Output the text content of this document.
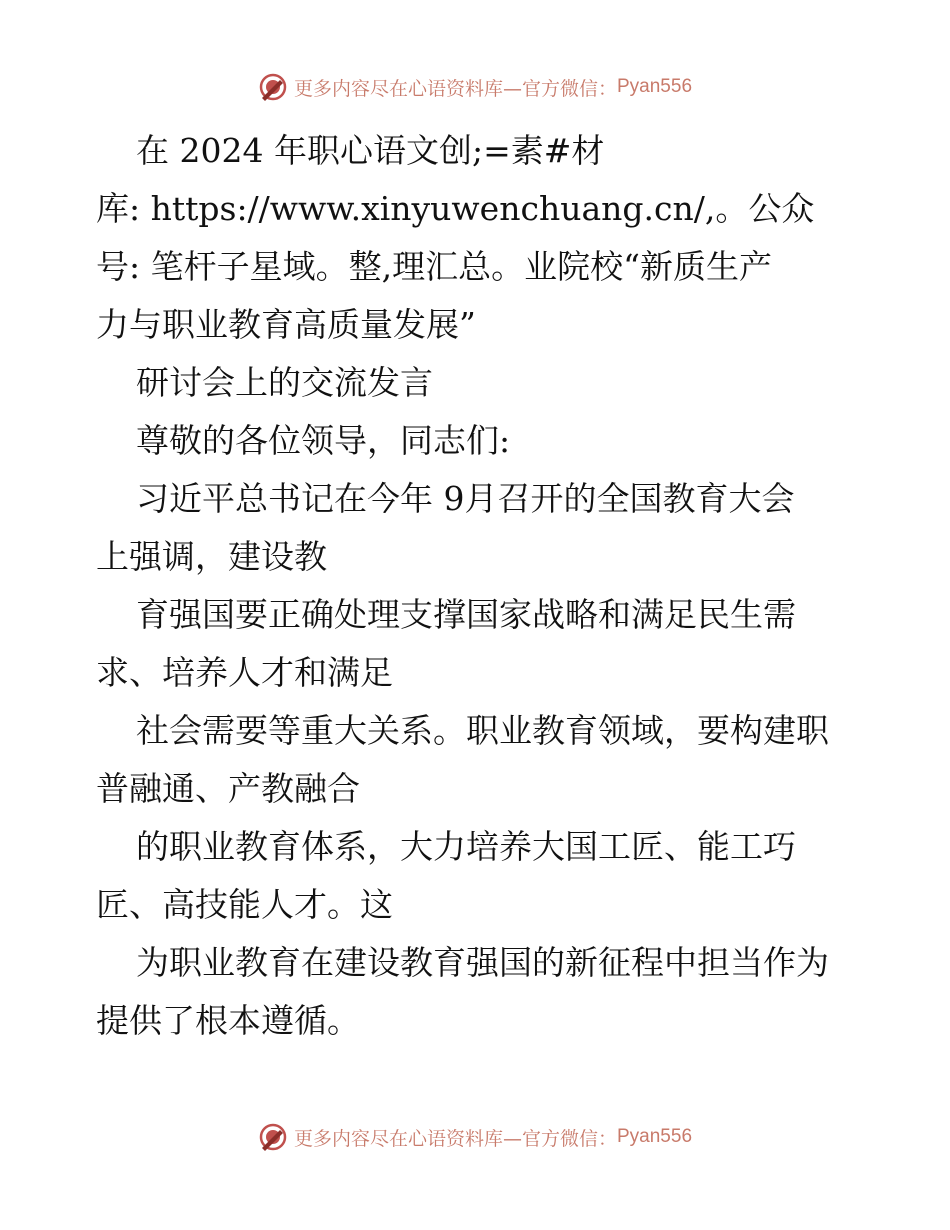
更多内容尽在心语资料库—官方微信： Pyan556
在 2024 年职心语文创;=素#材
库: https://www.xinyuwenchuang.cn/,。公众
号: 笔杆子星域。整,理汇总。业院校“新质生产
力与职业教育高质量发展”
研讨会上的交流发言
尊敬的各位领导，同志们:
习近平总书记在今年 9月召开的全国教育大会
上强调，建设教
育强国要正确处理支撑国家战略和满足民生需
求、培养人才和满足
社会需要等重大关系。职业教育领域，要构建职
普融通、产教融合
的职业教育体系，大力培养大国工匠、能工巧
匠、高技能人才。这
为职业教育在建设教育强国的新征程中担当作为
提供了根本遵循。
更多内容尽在心语资料库—官方微信： Pyan556
